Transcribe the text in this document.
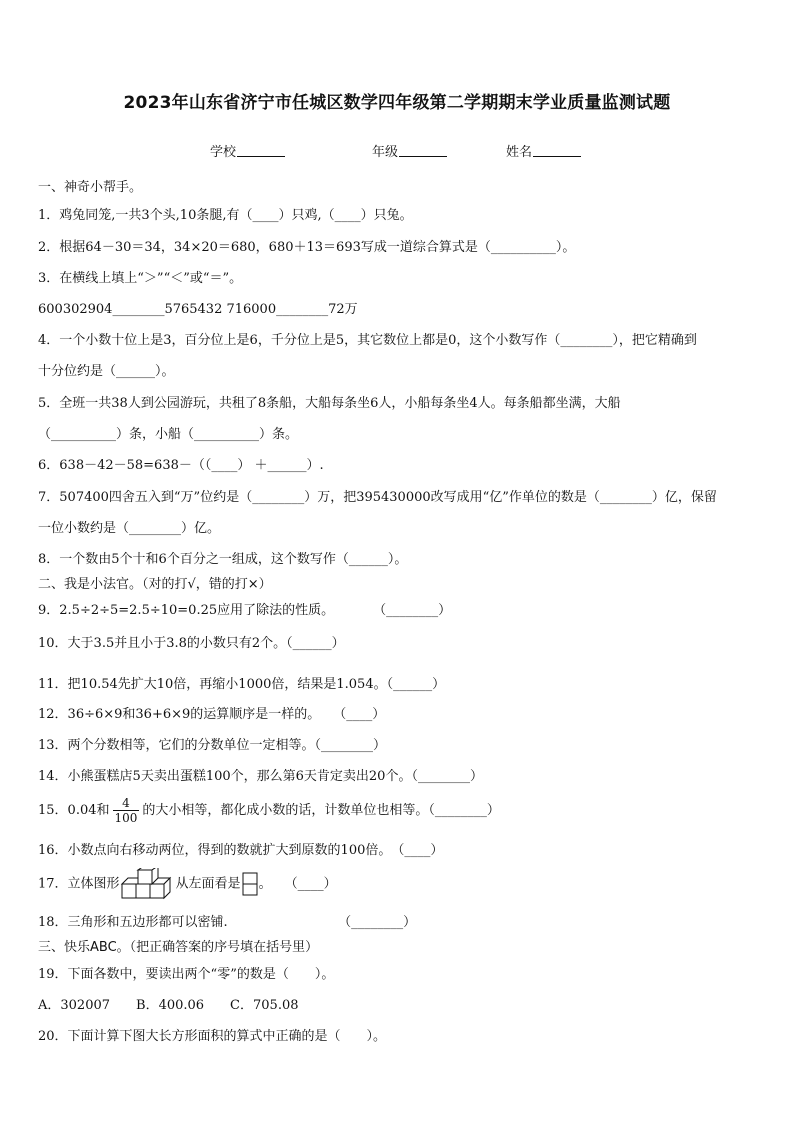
2023年山东省济宁市任城区数学四年级第二学期期末学业质量监测试题
学校	年级	姓名
一、神奇小帮手。
1．鸡兔同笼,一共3个头,10条腿,有（____）只鸡,（____）只兔。
2．根据64－30＝34，34×20＝680，680＋13＝693写成一道综合算式是（__________）。
3．在横线上填上“＞”“＜”或“＝”。
600302904________5765432 716000________72万
4．一个小数十位上是3，百分位上是6，千分位上是5，其它数位上都是0，这个小数写作（________），把它精确到
十分位约是（______）。
5．全班一共38人到公园游玩，共租了8条船，大船每条坐6人，小船每条坐4人。每条船都坐满，大船
（__________）条，小船（__________）条。
6．638－42－58=638－（（____） ＋______）.
7．507400四舍五入到“万”位约是（________）万，把395430000改写成用“亿”作单位的数是（________）亿，保留
一位小数约是（________）亿。
8．一个数由5个十和6个百分之一组成，这个数写作（______）。
二、我是小法官。（对的打√，错的打×）
9．2.5÷2÷5=2.5÷10=0.25应用了除法的性质。　　　　（________）
10．大于3.5并且小于3.8的小数只有2个。（______）
11．把10.54先扩大10倍，再缩小1000倍，结果是1.054。（______）
12．36÷6×9和36+6×9的运算顺序是一样的。　　（____）
13．两个分数相等，它们的分数单位一定相等。（________）
14．小熊蛋糕店5天卖出蛋糕100个，那么第6天肯定卖出20个。（________）
15．0.04和 $\frac{4}{100}$ 的大小相等，都化成小数的话，计数单位也相等。（________）
16．小数点向右移动两位，得到的数就扩大到原数的100倍。　（____）
17．立体图形	从左面看是 。　　（____）
18．三角形和五边形都可以密铺.　　　　　　　　　（________）
三、快乐ABC。（把正确答案的序号填在括号里）
19．下面各数中，要读出两个“零”的数是（　　）。
A．302007　　B．400.06　　C．705.08
20．下面计算下图大长方形面积的算式中正确的是（　　）。
